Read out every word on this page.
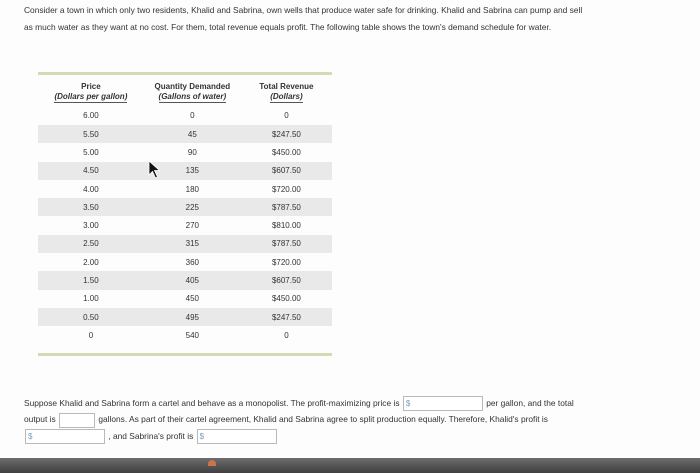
Consider a town in which only two residents, Khalid and Sabrina, own wells that produce water safe for drinking. Khalid and Sabrina can pump and sell
as much water as they want at no cost. For them, total revenue equals profit. The following table shows the town's demand schedule for water.
Price	Quantity Demanded	Total Revenue
(Dollars per gallon)	(Gallons of water)	(Dollars)
6.00	0	0
5.50	45	$247.50
5.00	90	$450.00
4.50	135	$607.50
4.00	180	$720.00
3.50	225	$787.50
3.00	270	$810.00
2.50	315	$787.50
2.00	360	$720.00
1.50	405	$607.50
1.00	450	$450.00
0.50	495	$247.50
0	540	0
Suppose Khalid and Sabrina form a cartel and behave as a monopolist. The profit-maximizing price is $	per gallon, and the total
output is	gallons. As part of their cartel agreement, Khalid and Sabrina agree to split production equally. Therefore, Khalid's profit is
$	, and Sabrina's profit is $
